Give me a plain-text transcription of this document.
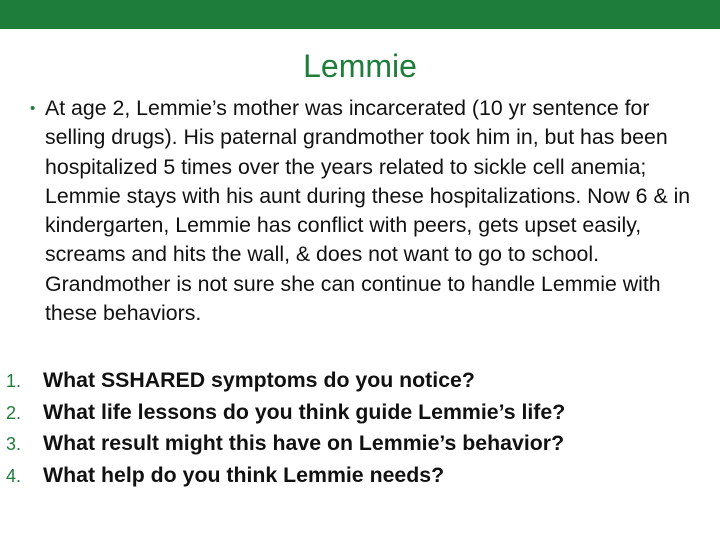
Lemmie
• At age 2, Lemmie’s mother was incarcerated (10 yr sentence for selling drugs). His paternal grandmother took him in, but has been hospitalized 5 times over the years related to sickle cell anemia; Lemmie stays with his aunt during these hospitalizations. Now 6 & in kindergarten, Lemmie has conflict with peers, gets upset easily, screams and hits the wall, & does not want to go to school. Grandmother is not sure she can continue to handle Lemmie with these behaviors.

1.	What SSHARED symptoms do you notice?
2.	What life lessons do you think guide Lemmie’s life?
3.	What result might this have on Lemmie’s behavior?
4.	What help do you think Lemmie needs?
